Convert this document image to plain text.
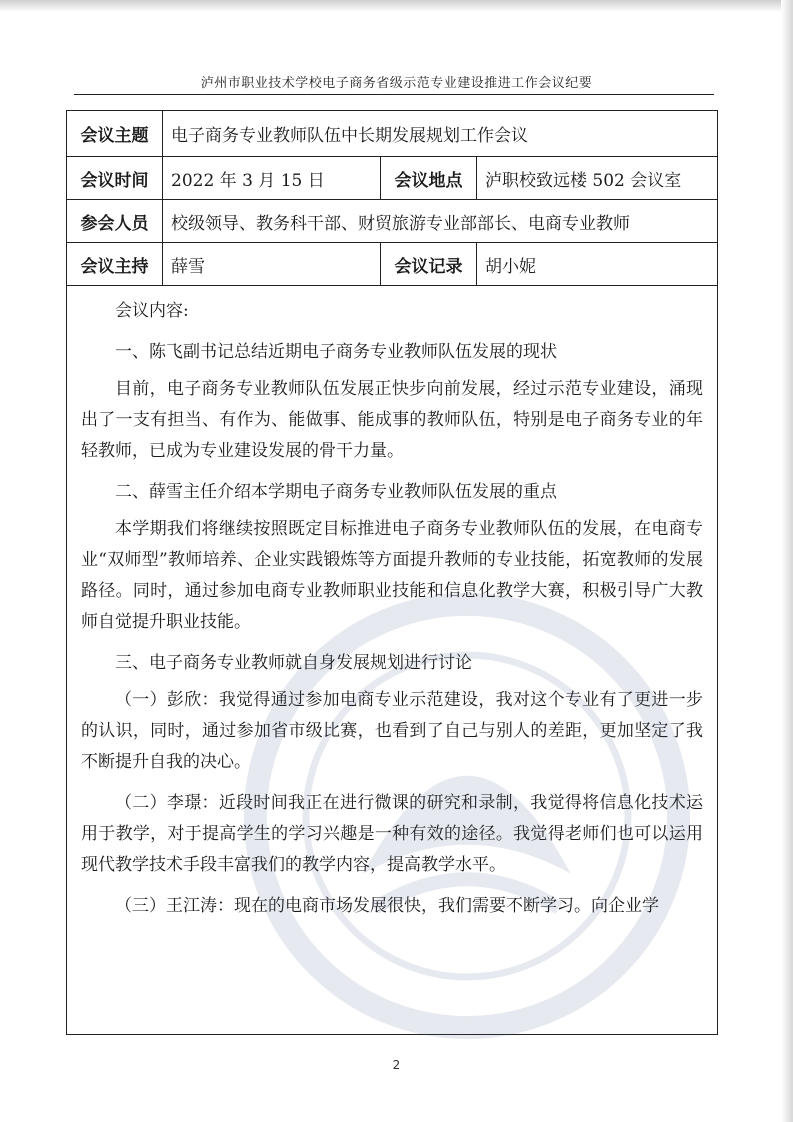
泸州市职业技术学校电子商务省级示范专业建设推进工作会议纪要
会议主题	电子商务专业教师队伍中长期发展规划工作会议
会议时间	2022 年 3 月 15 日	会议地点	泸职校致远楼 502 会议室
参会人员	校级领导、教务科干部、财贸旅游专业部部长、电商专业教师
会议主持	薛雪	会议记录	胡小妮

会议内容:

一、陈飞副书记总结近期电子商务专业教师队伍发展的现状

目前，电子商务专业教师队伍发展正快步向前发展，经过示范专业建设，涌现出了一支有担当、有作为、能做事、能成事的教师队伍，特别是电子商务专业的年轻教师，已成为专业建设发展的骨干力量。

二、薛雪主任介绍本学期电子商务专业教师队伍发展的重点

本学期我们将继续按照既定目标推进电子商务专业教师队伍的发展，在电商专业“双师型”教师培养、企业实践锻炼等方面提升教师的专业技能，拓宽教师的发展路径。同时，通过参加电商专业教师职业技能和信息化教学大赛，积极引导广大教师自觉提升职业技能。

三、电子商务专业教师就自身发展规划进行讨论

（一）彭欣：我觉得通过参加电商专业示范建设，我对这个专业有了更进一步的认识，同时，通过参加省市级比赛，也看到了自己与别人的差距，更加坚定了我不断提升自我的决心。

（二）李璟：近段时间我正在进行微课的研究和录制，我觉得将信息化技术运用于教学，对于提高学生的学习兴趣是一种有效的途径。我觉得老师们也可以运用现代教学技术手段丰富我们的教学内容，提高教学水平。

（三）王江涛：现在的电商市场发展很快，我们需要不断学习。向企业学

2
